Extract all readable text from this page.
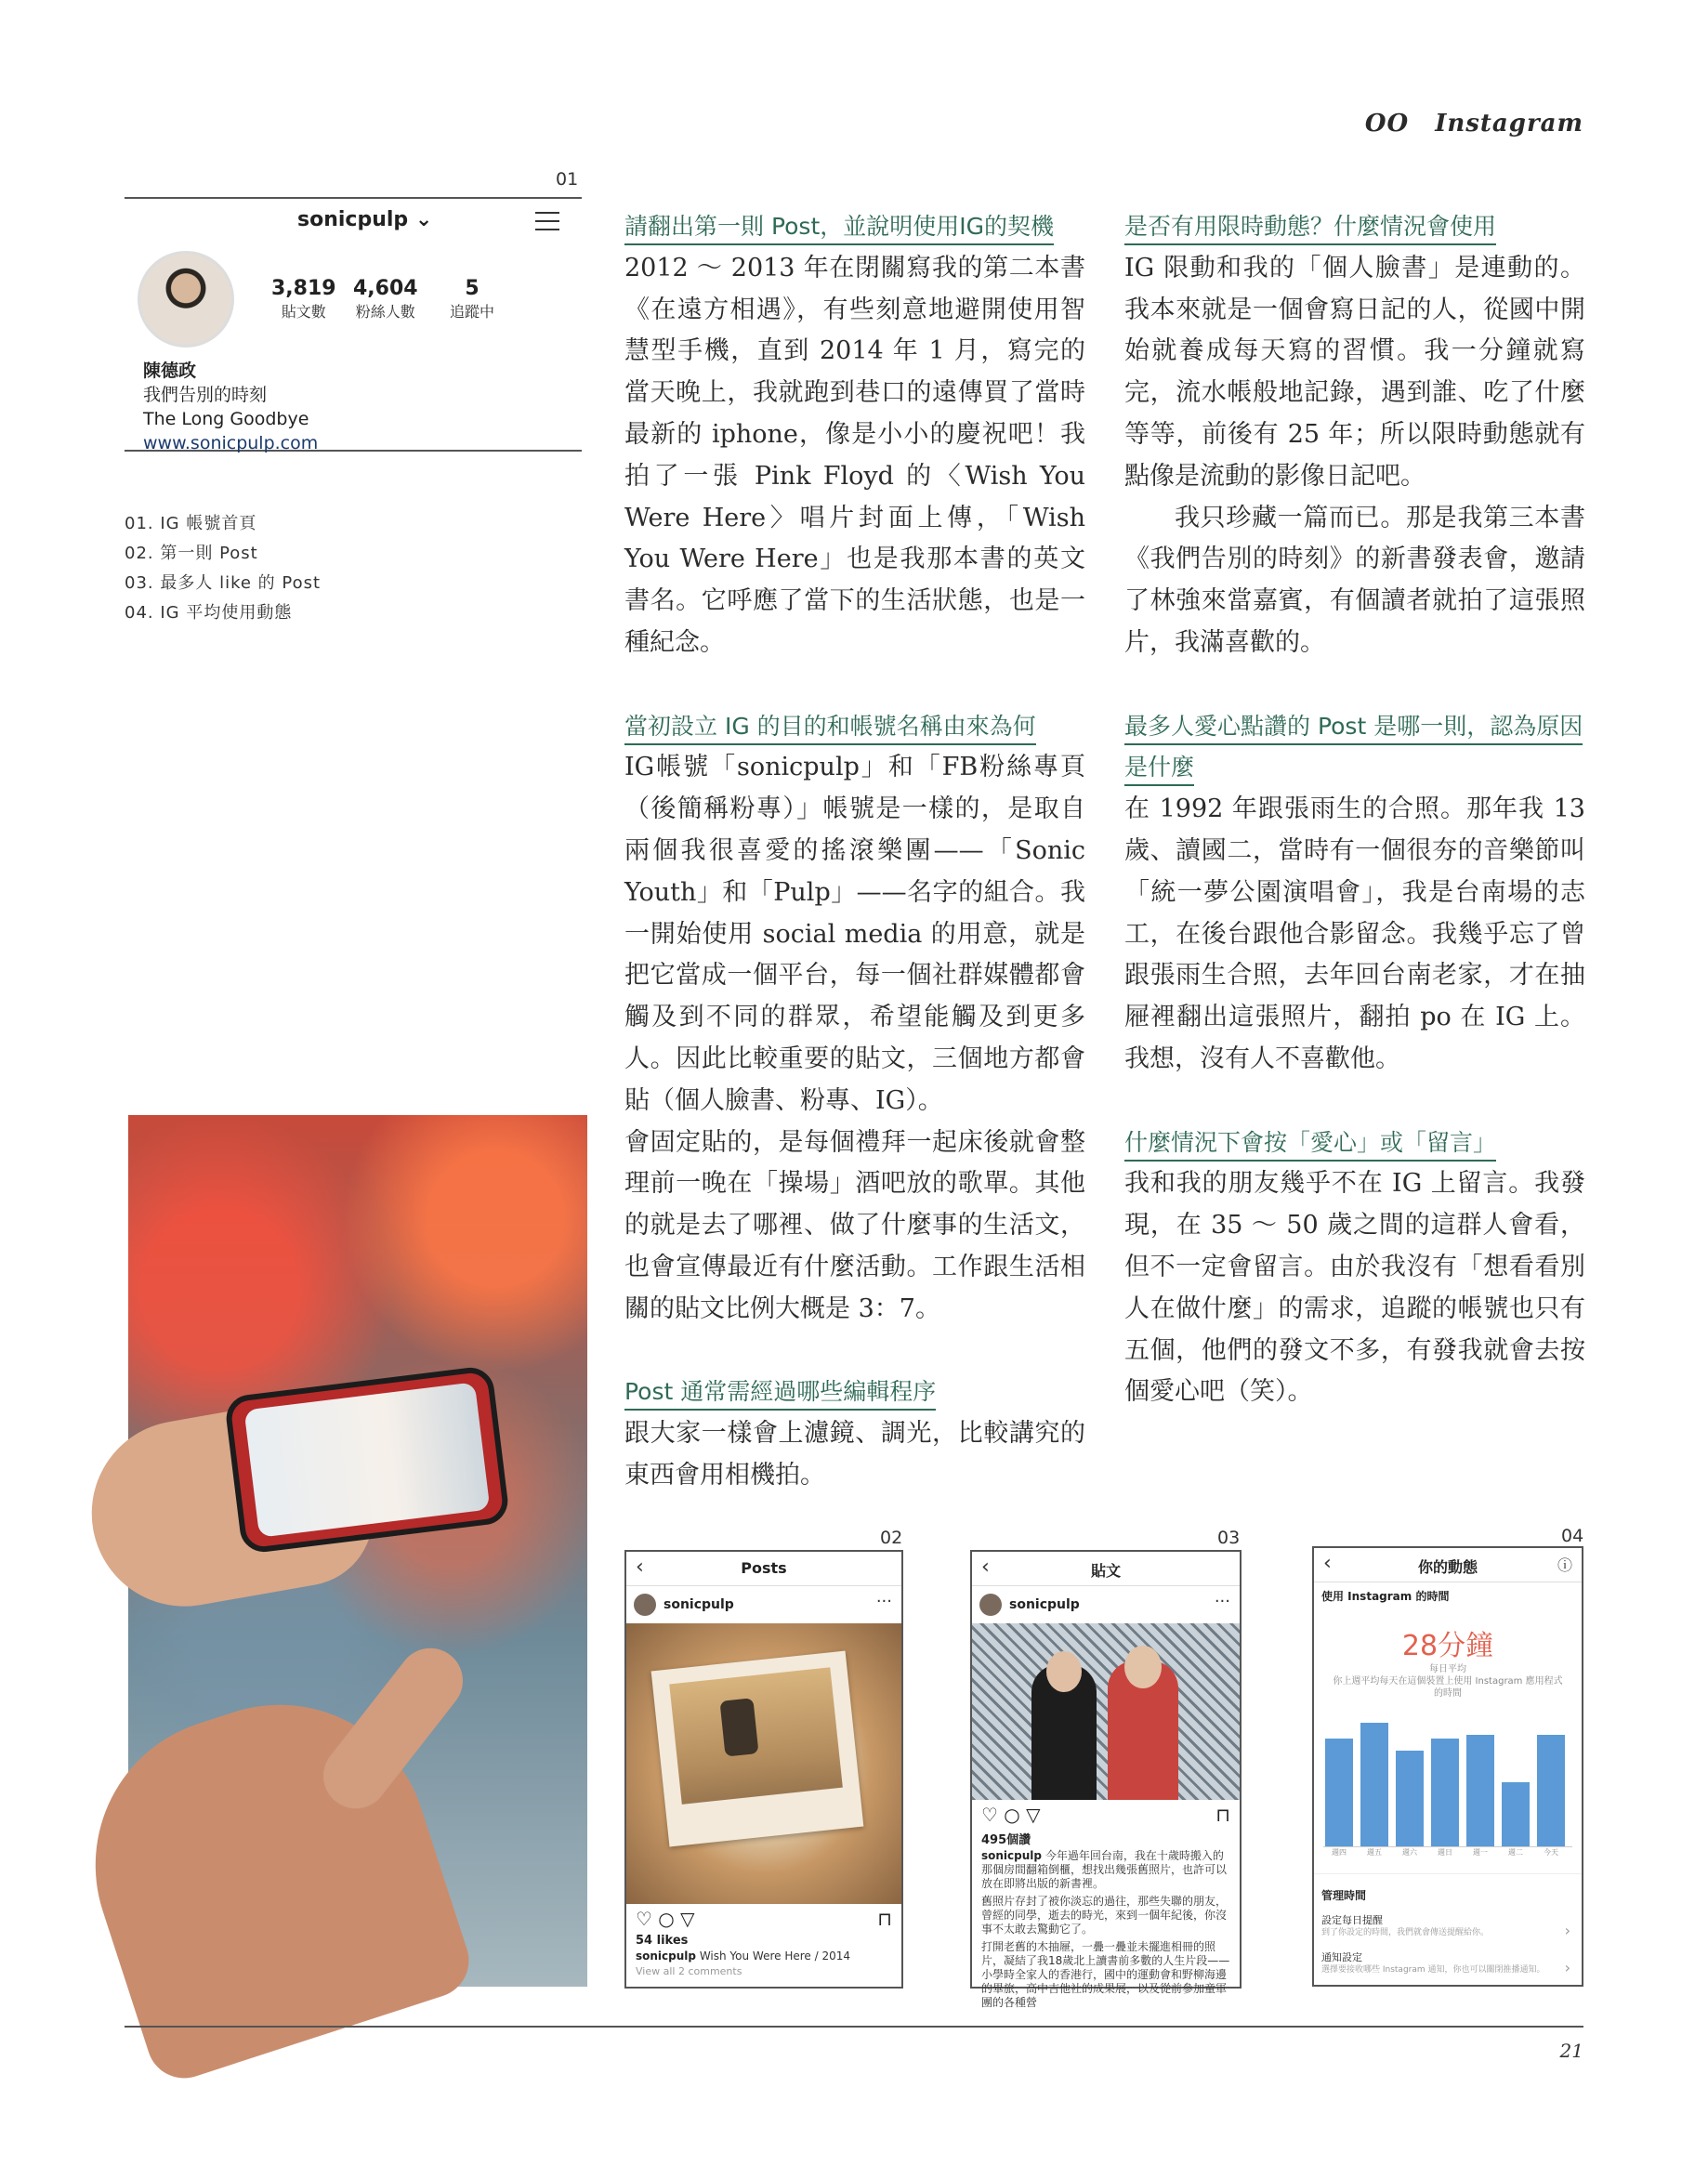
OO Instagram
01
sonicpulp ⌄
3,819
貼文數
4,604
粉絲人數
5
追蹤中
陳德政
我們告別的時刻
The Long Goodbye
www.sonicpulp.com
01. IG 帳號首頁
02. 第一則 Post
03. 最多人 like 的 Post
04. IG 平均使用動態

請翻出第一則 Post，並說明使用IG的契機

2012 ～ 2013 年在閉關寫我的第二本書《在遠方相遇》，有些刻意地避開使用智慧型手機，直到 2014 年 1 月，寫完的當天晚上，我就跑到巷口的遠傳買了當時最新的 iphone，像是小小的慶祝吧！我拍了一張 Pink Floyd 的〈Wish You Were Here〉唱片封面上傳，「Wish You Were Here」也是我那本書的英文書名。它呼應了當下的生活狀態，也是一種紀念。

當初設立 IG 的目的和帳號名稱由來為何

IG帳號「sonicpulp」和「FB粉絲專頁（後簡稱粉專）」帳號是一樣的，是取自兩個我很喜愛的搖滾樂團——「Sonic Youth」和「Pulp」——名字的組合。我一開始使用 social media 的用意，就是把它當成一個平台，每一個社群媒體都會觸及到不同的群眾，希望能觸及到更多人。因此比較重要的貼文，三個地方都會貼（個人臉書、粉專、IG）。

會固定貼的，是每個禮拜一起床後就會整理前一晚在「操場」酒吧放的歌單。其他的就是去了哪裡、做了什麼事的生活文，也會宣傳最近有什麼活動。工作跟生活相關的貼文比例大概是 3：7。

Post 通常需經過哪些編輯程序

跟大家一樣會上濾鏡、調光，比較講究的東西會用相機拍。

是否有用限時動態？什麼情況會使用

IG 限動和我的「個人臉書」是連動的。我本來就是一個會寫日記的人，從國中開始就養成每天寫的習慣。我一分鐘就寫完，流水帳般地記錄，遇到誰、吃了什麼等等，前後有 25 年；所以限時動態就有點像是流動的影像日記吧。

我只珍藏一篇而已。那是我第三本書《我們告別的時刻》的新書發表會，邀請了林強來當嘉賓，有個讀者就拍了這張照片，我滿喜歡的。

最多人愛心點讚的 Post 是哪一則，認為原因是什麼

在 1992 年跟張雨生的合照。那年我 13 歲、讀國二，當時有一個很夯的音樂節叫「統一夢公園演唱會」，我是台南場的志工，在後台跟他合影留念。我幾乎忘了曾跟張雨生合照，去年回台南老家，才在抽屜裡翻出這張照片，翻拍 po 在 IG 上。我想，沒有人不喜歡他。

什麼情況下會按「愛心」或「留言」

我和我的朋友幾乎不在 IG 上留言。我發現，在 35 ～ 50 歲之間的這群人會看，但不一定會留言。由於我沒有「想看看別人在做什麼」的需求，追蹤的帳號也只有五個，他們的發文不多，有發我就會去按個愛心吧（笑）。

02
‹	Posts
sonicpulp	···
♡ ○ ▽	⊓
54 likes
sonicpulp Wish You Were Here / 2014
View all 2 comments
03
‹	貼文
sonicpulp	···
♡ ○ ▽	⊓
495個讚
sonicpulp 今年過年回台南，我在十歲時搬入的那個房間翻箱倒櫃，想找出幾張舊照片，也許可以放在即將出版的新書裡。
舊照片存封了被你淡忘的過往，那些失聯的朋友，曾經的同學，逝去的時光，來到一個年紀後，你沒事不太敢去驚動它了。
打開老舊的木抽屜，一疊一疊並未擺進相冊的照片，凝結了我18歲北上讀書前多數的人生片段——小學時全家人的香港行，國中的運動會和野柳海邊的畢旅，高中吉他社的成果展，以及從前參加童軍團的各種營
04
‹	你的動態	ⓘ
使用 Instagram 的時間
28分鐘
每日平均
你上週平均每天在這個裝置上使用 Instagram 應用程式的時間
週四	週五	週六	週日	週一	週二	今天
管理時間
設定每日提醒
到了你設定的時間，我們就會傳送提醒給你。	›
通知設定
選擇要接收哪些 Instagram 通知，你也可以關閉推播通知。	›
21
